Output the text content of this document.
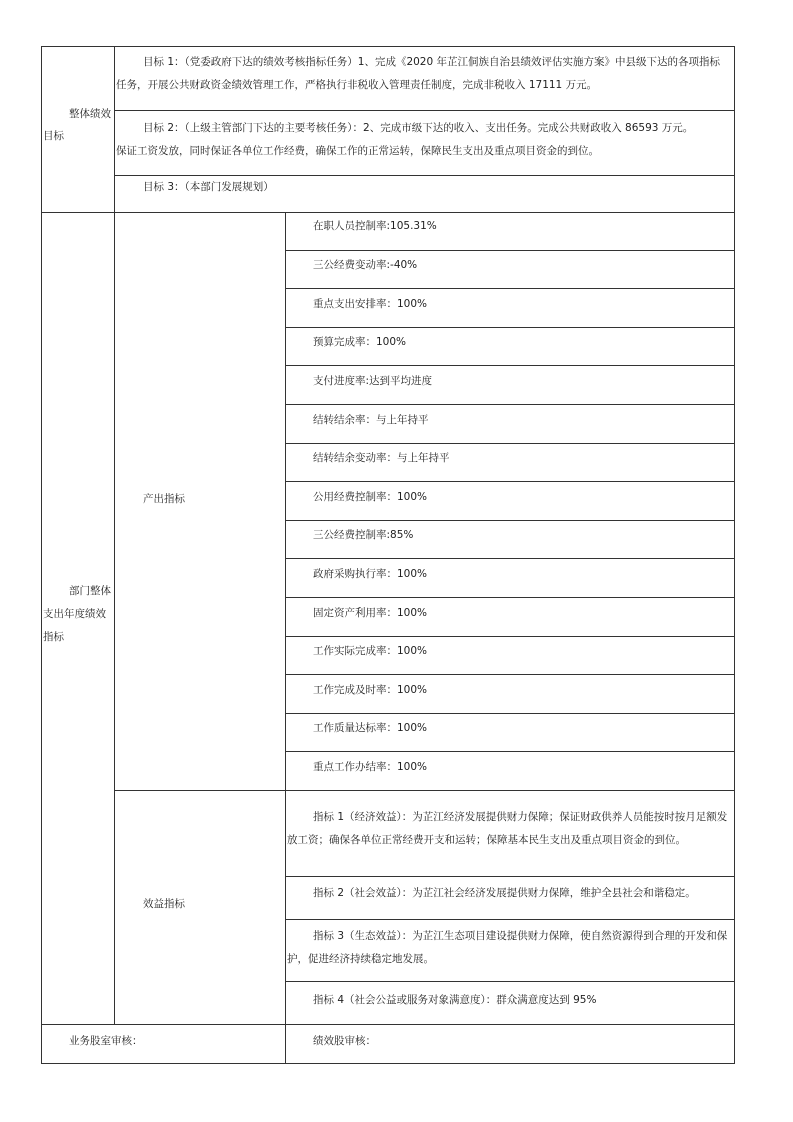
整体绩效
目标
目标 1：（党委政府下达的绩效考核指标任务）1、完成《2020 年芷江侗族自治县绩效评估实施方案》中县级下达的各项指标
任务，开展公共财政资金绩效管理工作，严格执行非税收入管理责任制度，完成非税收入 17111 万元。
目标 2：（上级主管部门下达的主要考核任务）：2、完成市级下达的收入、支出任务。完成公共财政收入 86593 万元。
保证工资发放，同时保证各单位工作经费，确保工作的正常运转，保障民生支出及重点项目资金的到位。
目标 3：（本部门发展规划）
部门整体
支出年度绩效
指标
产出指标
在职人员控制率:105.31%
三公经费变动率:-40%
重点支出安排率：100%
预算完成率：100%
支付进度率:达到平均进度
结转结余率：与上年持平
结转结余变动率：与上年持平
公用经费控制率：100%
三公经费控制率:85%
政府采购执行率：100%
固定资产利用率：100%
工作实际完成率：100%
工作完成及时率：100%
工作质量达标率：100%
重点工作办结率：100%
效益指标
指标 1（经济效益）：为芷江经济发展提供财力保障；保证财政供养人员能按时按月足额发
放工资；确保各单位正常经费开支和运转；保障基本民生支出及重点项目资金的到位。
指标 2（社会效益）：为芷江社会经济发展提供财力保障，维护全县社会和谐稳定。
指标 3（生态效益）：为芷江生态项目建设提供财力保障，使自然资源得到合理的开发和保
护，促进经济持续稳定地发展。
指标 4（社会公益或服务对象满意度）：群众满意度达到 95%
业务股室审核：	绩效股审核：
